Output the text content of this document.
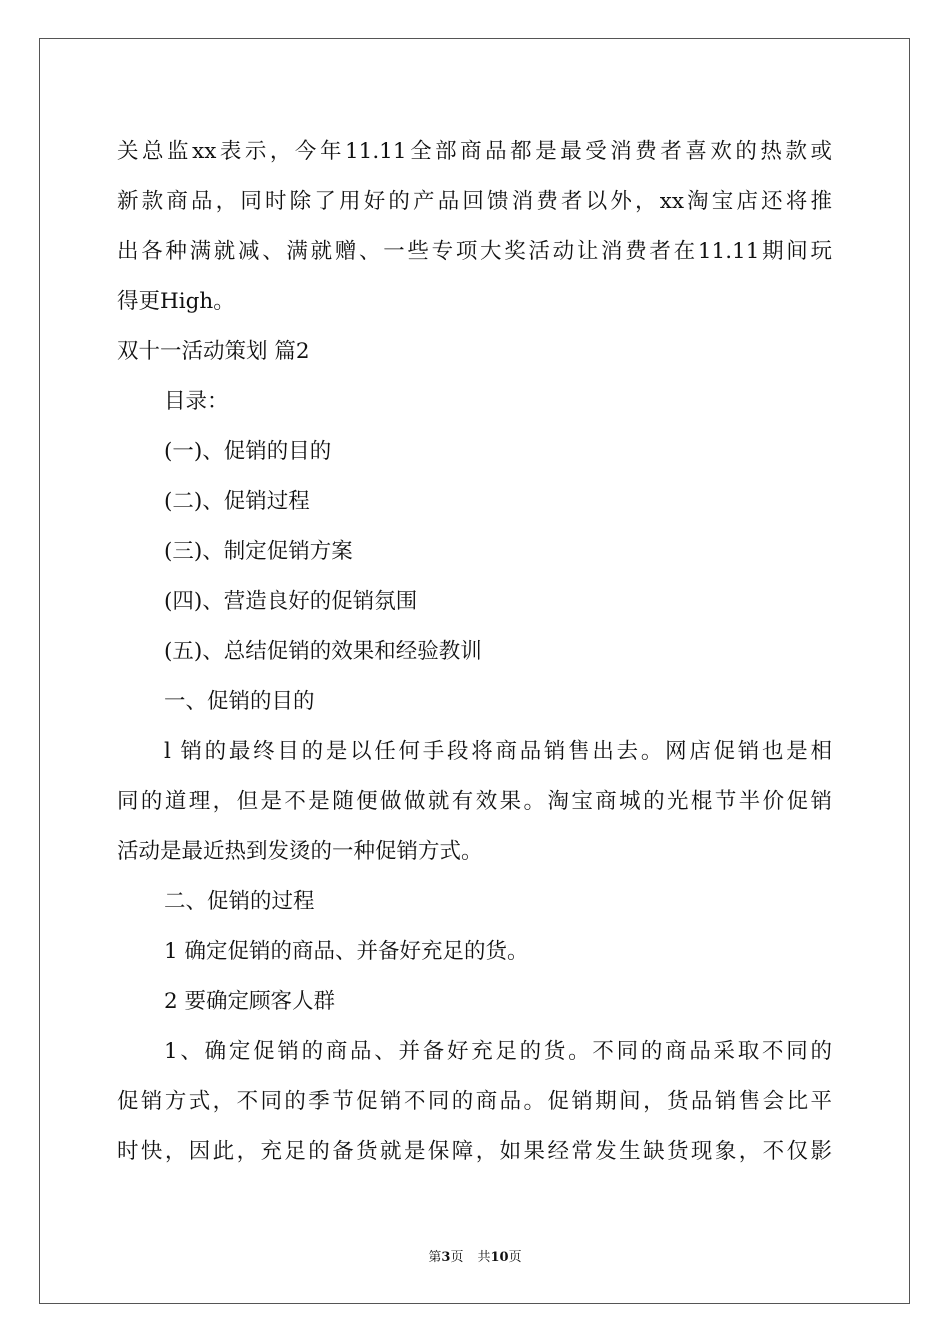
关总监xx表示，今年11.11全部商品都是最受消费者喜欢的热款或
新款商品，同时除了用好的产品回馈消费者以外，xx淘宝店还将推
出各种满就减、满就赠、一些专项大奖活动让消费者在11.11期间玩
得更High。
双十一活动策划 篇2
目录：
(一)、促销的目的
(二)、促销过程
(三)、制定促销方案
(四)、营造良好的促销氛围
(五)、总结促销的效果和经验教训
一、促销的目的
l 销的最终目的是以任何手段将商品销售出去。网店促销也是相
同的道理，但是不是随便做做就有效果。淘宝商城的光棍节半价促销
活动是最近热到发烫的一种促销方式。
二、促销的过程
1 确定促销的商品、并备好充足的货。
2 要确定顾客人群
1、确定促销的商品、并备好充足的货。不同的商品采取不同的
促销方式，不同的季节促销不同的商品。促销期间，货品销售会比平
时快，因此，充足的备货就是保障，如果经常发生缺货现象，不仅影
第3页 共10页
